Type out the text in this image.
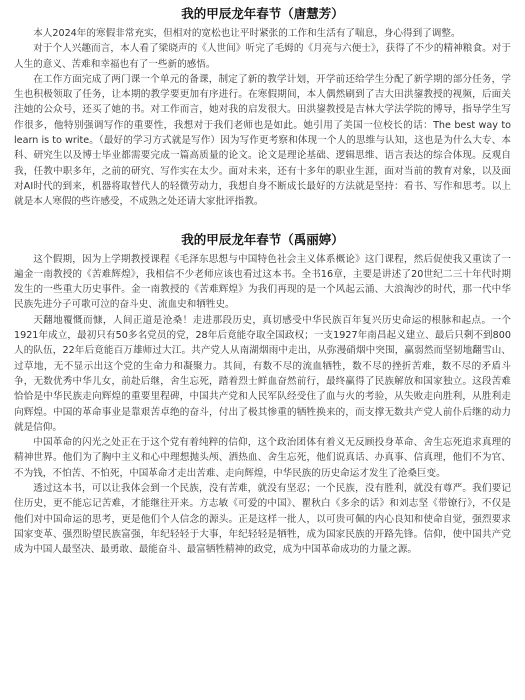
我的甲辰龙年春节（唐慧芳）

本人2024年的寒假非常充实，但相对的宽松也让平时紧张的工作和生活有了喘息，身心得到了调整。

对于个人兴趣而言，本人看了梁晓声的《人世间》听完了毛姆的《月亮与六便士》，获得了不少的精神粮食。对于人生的意义、苦难和幸福也有了一些新的感悟。

在工作方面完成了两门课一个单元的备课，制定了新的教学计划，开学前还给学生分配了新学期的部分任务，学生也积极领取了任务，让本期的教学要更加有序进行。在寒假期间，本人偶然刷到了吉大田洪鋆教授的视频，后面关注她的公众号，还买了她的书。对工作而言，她对我的启发很大。田洪鋆教授是吉林大学法学院的博导，指导学生写作很多，他特别强调写作的重要性，我想对于我们老师也是如此。她引用了美国一位校长的话：The best way to learn is to write。（最好的学习方式就是写作）因为写作更考察和体现一个人的思维与认知，这也是为什么大专、本科、研究生以及博士毕业都需要完成一篇高质量的论文。论文是理论基础、逻辑思维、语言表达的综合体现。反观自我，任教中职多年，之前的研究、写作实在太少。面对未来，还有十多年的职业生涯，面对当前的教育对象，以及面对AI时代的到来，机器将取替代人的轻微劳动力，我想自身不断成长最好的方法就是坚持：看书、写作和思考。以上就是本人寒假的些许感受，不成熟之处还请大家批评指教。

我的甲辰龙年春节（禹丽婷）

这个假期，因为上学期教授课程《毛泽东思想与中国特色社会主义体系概论》这门课程，然后促使我又重读了一遍金一南教授的《苦难辉煌》，我相信不少老师应该也看过这本书。全书16章，主要是讲述了20世纪二三十年代时期发生的一些重大历史事件。金一南教授的《苦难辉煌》为我们再现的是一个风起云涌、大浪淘沙的时代，那一代中华民族先进分子可歌可泣的奋斗史、流血史和牺牲史。

天翻地覆慨而慷，人间正道是沧桑！走进那段历史，真切感受中华民族百年复兴历史命运的根脉和起点。一个1921年成立，最初只有50多名党员的党，28年后竟能夺取全国政权；一支1927年南昌起义建立、最后只剩不到800人的队伍，22年后竟能百万雄师过大江。共产党人从南湖烟雨中走出，从弥漫硝烟中突围，赢弱然而坚韧地翻雪山、过草地，无不显示出这个党的生命力和凝聚力。其间，有数不尽的流血牺牲，数不尽的挫折苦难，数不尽的矛盾斗争，无数优秀中华儿女，前赴后继，舍生忘死，踏着烈士鲜血奋然前行，最终赢得了民族解放和国家独立。这段苦难恰恰是中华民族走向辉煌的重要里程碑，中国共产党和人民军队经受住了血与火的考验，从失败走向胜利，从胜利走向辉煌。中国的革命事业是靠艰苦卓绝的奋斗，付出了极其惨重的牺牲换来的，而支撑无数共产党人前仆后继的动力就是信仰。

中国革命的闪光之处正在于这个党有着纯粹的信仰，这个政治团体有着义无反顾投身革命、舍生忘死追求真理的精神世界。他们为了胸中主义和心中理想抛头颅、洒热血、舍生忘死，他们说真话、办真事、信真理，他们不为官、不为钱，不怕苦、不怕死，中国革命才走出苦难、走向辉煌，中华民族的历史命运才发生了沧桑巨变。

透过这本书，可以让我体会到一个民族，没有苦难，就没有坚忍；一个民族，没有胜利，就没有尊严。我们要记住历史，更不能忘记苦难，才能继往开来。方志敏《可爱的中国》、瞿秋白《多余的话》和刘志坚《带镣行》，不仅是他们对中国命运的思考，更是他们个人信念的源头。正是这样一批人，以可贵可佩的内心良知和使命自觉，强烈要求国家变革、强烈盼望民族富强，年纪轻轻于大事，年纪轻轻是牺牲，成为国家民族的开路先锋。信仰，使中国共产党成为中国人最坚决、最勇敢、最能奋斗、最富牺牲精神的政党，成为中国革命成功的力量之源。
